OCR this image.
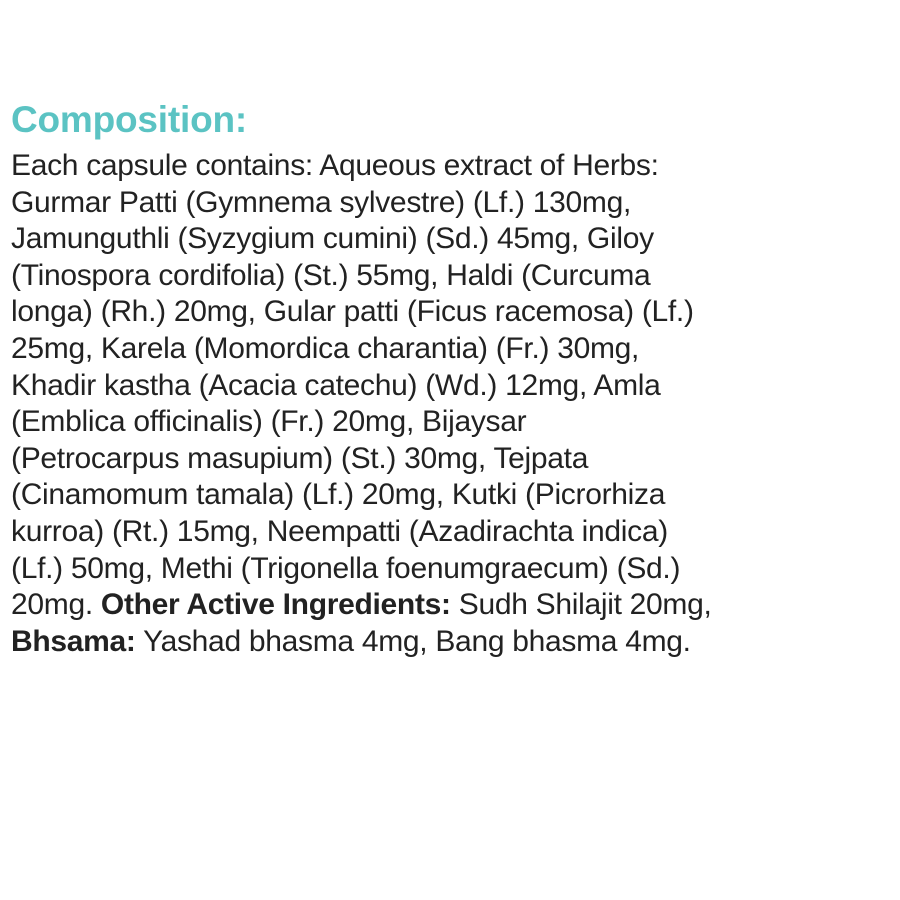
Composition:

Each capsule contains: Aqueous extract of Herbs:
Gurmar Patti (Gymnema sylvestre) (Lf.) 130mg,
Jamunguthli (Syzygium cumini) (Sd.) 45mg, Giloy
(Tinospora cordifolia) (St.) 55mg, Haldi (Curcuma
longa) (Rh.) 20mg, Gular patti (Ficus racemosa) (Lf.)
25mg, Karela (Momordica charantia) (Fr.) 30mg,
Khadir kastha (Acacia catechu) (Wd.) 12mg, Amla
(Emblica officinalis) (Fr.) 20mg, Bijaysar
(Petrocarpus masupium) (St.) 30mg, Tejpata
(Cinamomum tamala) (Lf.) 20mg, Kutki (Picrorhiza
kurroa) (Rt.) 15mg, Neempatti (Azadirachta indica)
(Lf.) 50mg, Methi (Trigonella foenumgraecum) (Sd.)
20mg. Other Active Ingredients: Sudh Shilajit 20mg,
Bhsama: Yashad bhasma 4mg, Bang bhasma 4mg.
